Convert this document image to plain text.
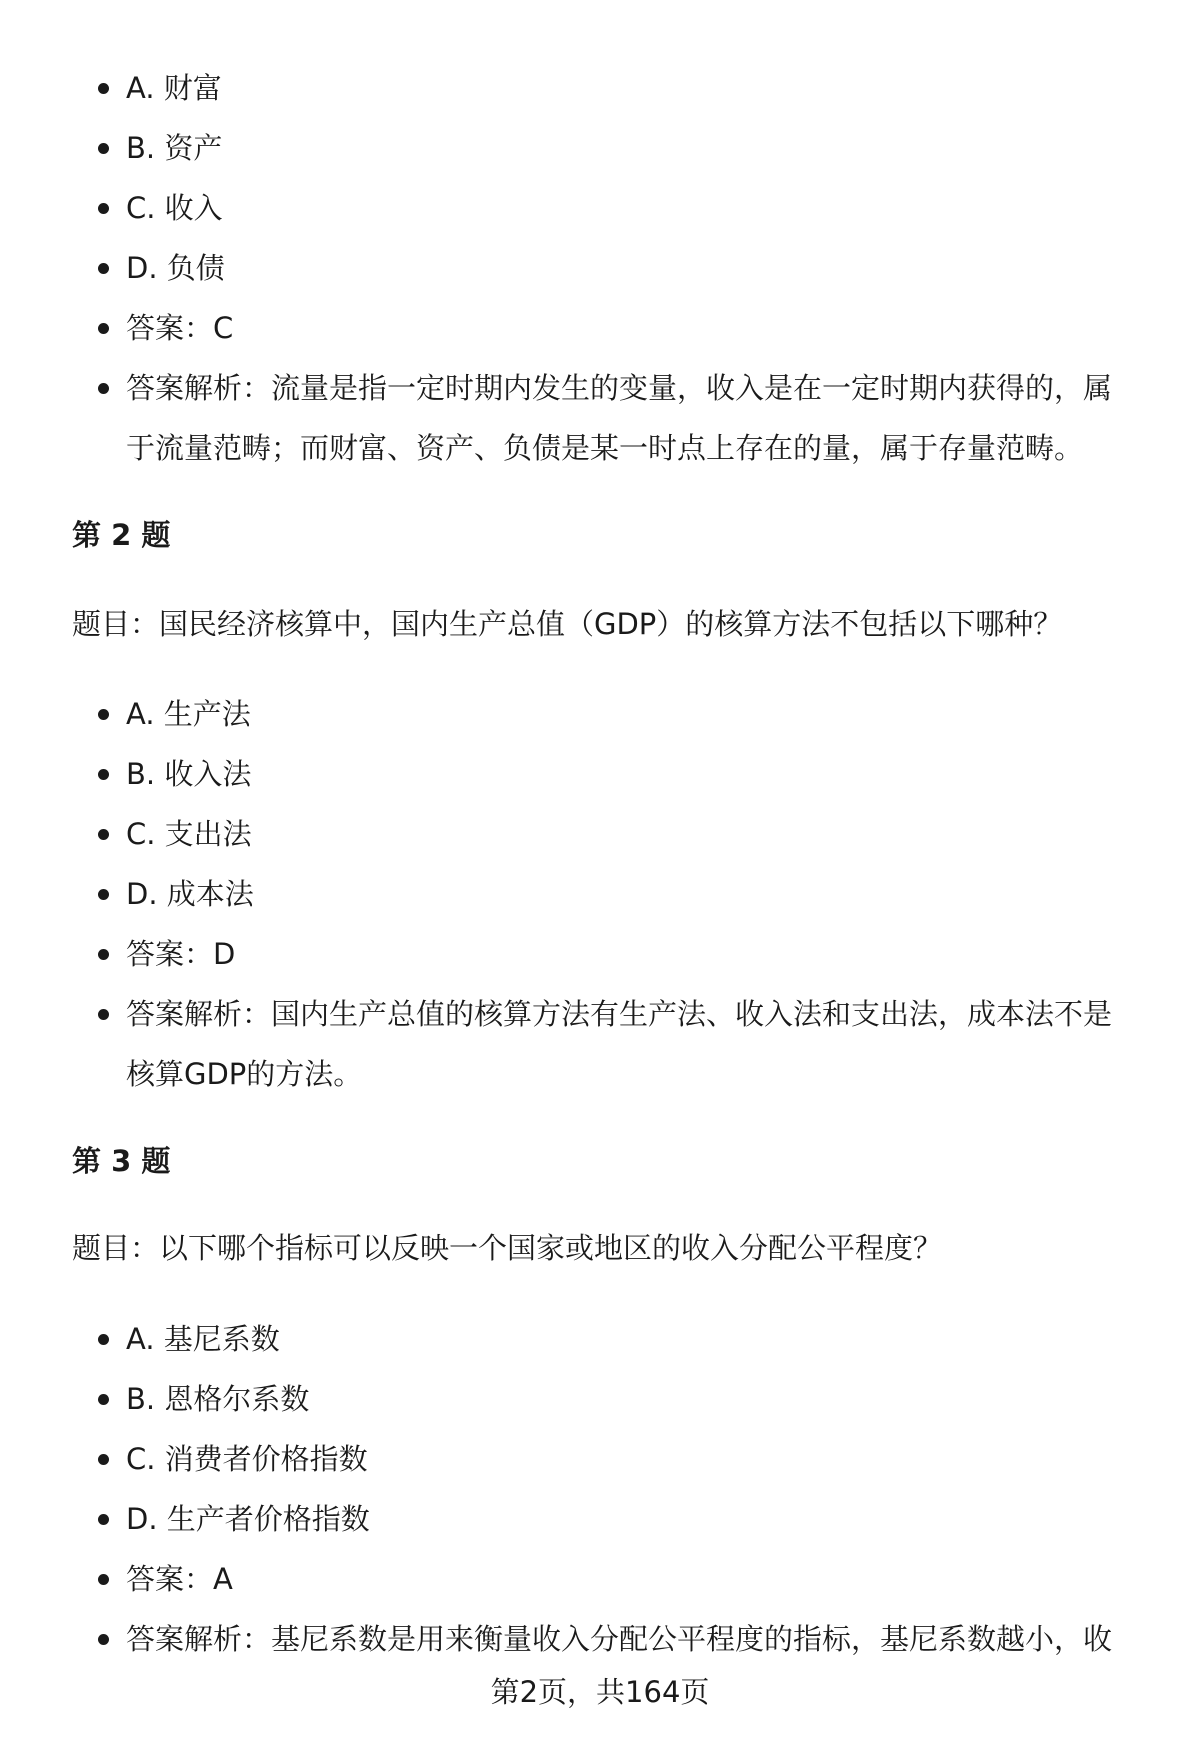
A. 财富
B. 资产
C. 收入
D. 负债
答案：C
答案解析：流量是指一定时期内发生的变量，收入是在一定时期内获得的，属于流量范畴；而财富、资产、负债是某一时点上存在的量，属于存量范畴。
第 2 题

题目：国民经济核算中，国内生产总值（GDP）的核算方法不包括以下哪种？

A. 生产法
B. 收入法
C. 支出法
D. 成本法
答案：D
答案解析：国内生产总值的核算方法有生产法、收入法和支出法，成本法不是核算GDP的方法。
第 3 题

题目：以下哪个指标可以反映一个国家或地区的收入分配公平程度？

A. 基尼系数
B. 恩格尔系数
C. 消费者价格指数
D. 生产者价格指数
答案：A
答案解析：基尼系数是用来衡量收入分配公平程度的指标，基尼系数越小，收
第2页，共164页
